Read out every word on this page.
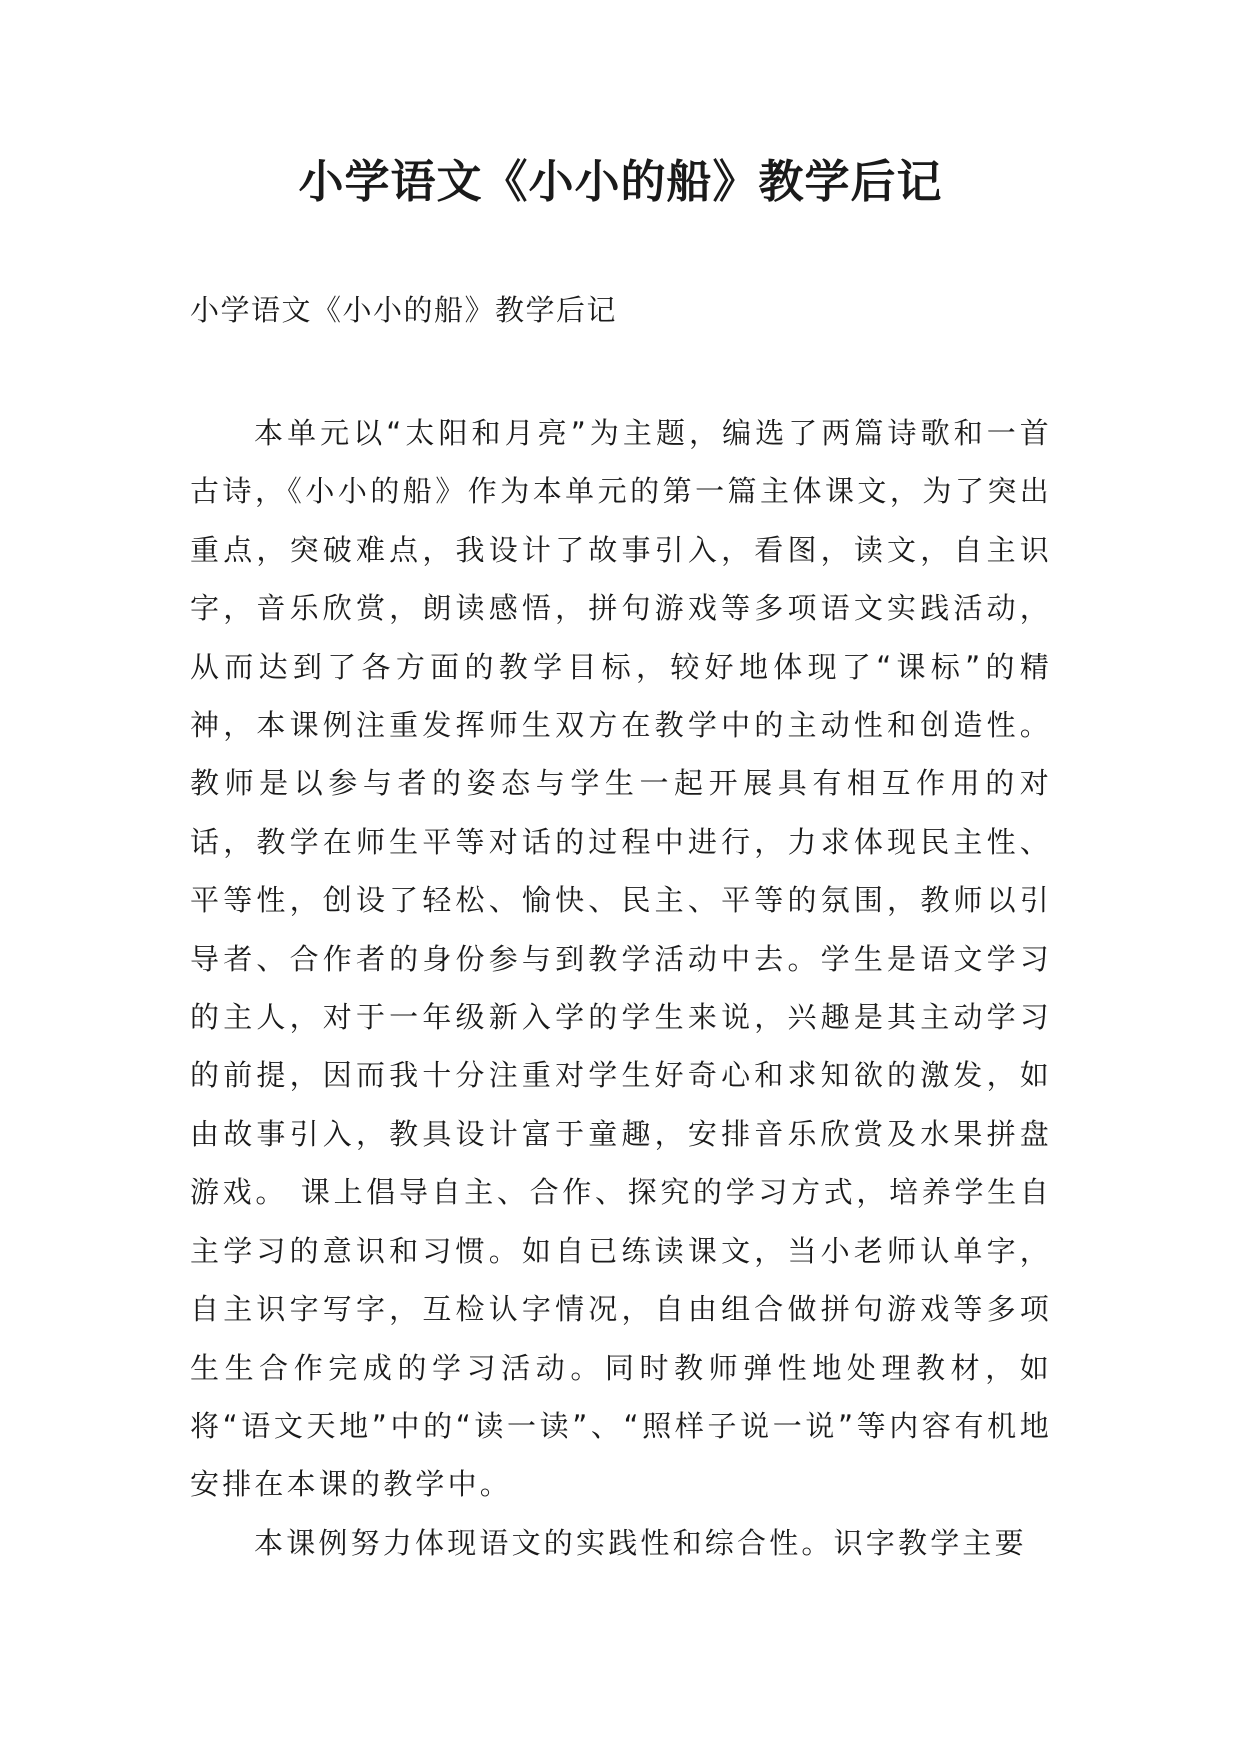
小学语文《小小的船》教学后记

小学语文《小小的船》教学后记

本单元以“太阳和月亮”为主题，编选了两篇诗歌和一首古诗，《小小的船》作为本单元的第一篇主体课文，为了突出重点，突破难点，我设计了故事引入，看图，读文，自主识字，音乐欣赏，朗读感悟，拼句游戏等多项语文实践活动，从而达到了各方面的教学目标，较好地体现了“课标”的精神，本课例注重发挥师生双方在教学中的主动性和创造性。教师是以参与者的姿态与学生一起开展具有相互作用的对话，教学在师生平等对话的过程中进行，力求体现民主性、平等性，创设了轻松、愉快、民主、平等的氛围，教师以引导者、合作者的身份参与到教学活动中去。学生是语文学习的主人，对于一年级新入学的学生来说，兴趣是其主动学习的前提，因而我十分注重对学生好奇心和求知欲的激发，如由故事引入，教具设计富于童趣，安排音乐欣赏及水果拼盘游戏。 课上倡导自主、合作、探究的学习方式，培养学生自主学习的意识和习惯。如自已练读课文，当小老师认单字，自主识字写字，互检认字情况，自由组合做拼句游戏等多项生生合作完成的学习活动。同时教师弹性地处理教材，如将“语文天地”中的“读一读”、“照样子说一说”等内容有机地安排在本课的教学中。

本课例努力体现语文的实践性和综合性。识字教学主要
